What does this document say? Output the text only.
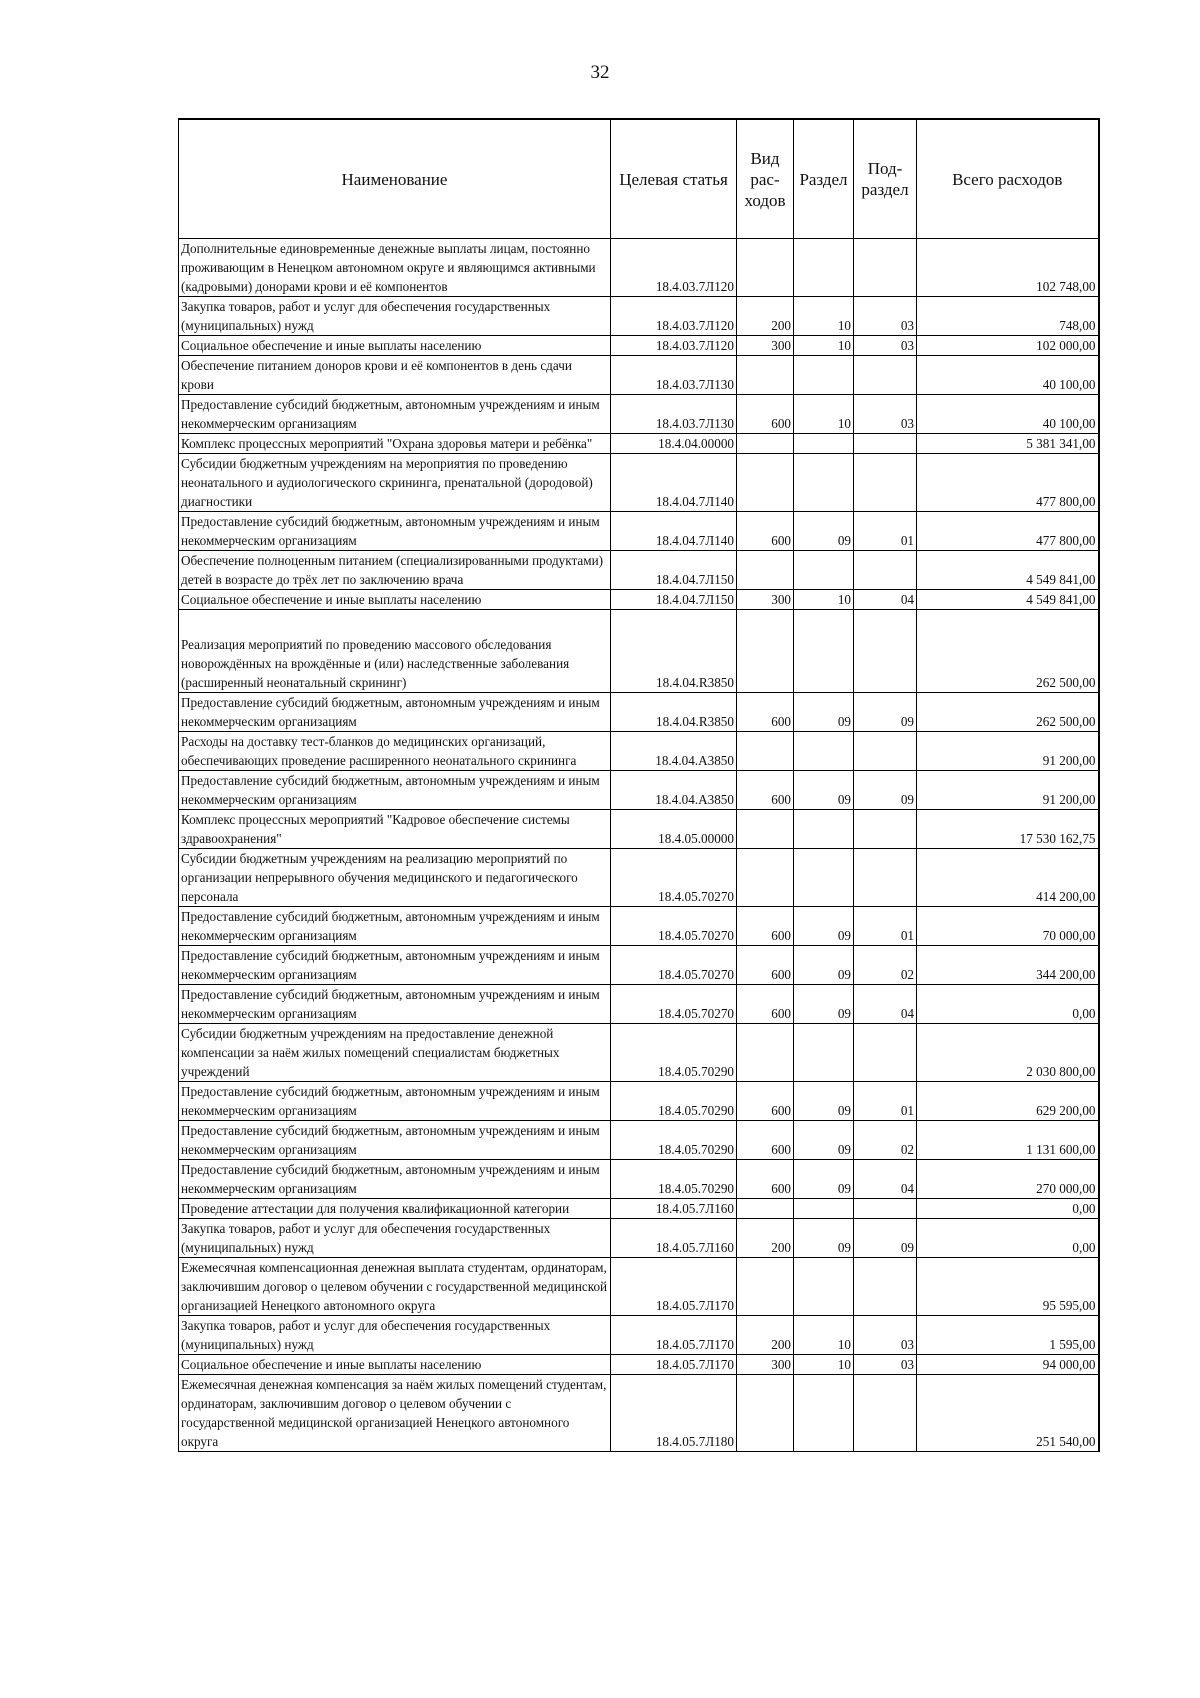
32
Наименование	Целевая статья	Вид рас- ходов	Раздел	Под- раздел	Всего расходов
Дополнительные единовременные денежные выплаты лицам, постоянно проживающим в Ненецком автономном округе и являющимся активными (кадровыми) донорами крови и её компонентов	18.4.03.7Л120				102 748,00
Закупка товаров, работ и услуг для обеспечения государственных (муниципальных) нужд	18.4.03.7Л120	200	10	03	748,00
Социальное обеспечение и иные выплаты населению	18.4.03.7Л120	300	10	03	102 000,00
Обеспечение питанием доноров крови и её компонентов в день сдачи крови	18.4.03.7Л130				40 100,00
Предоставление субсидий бюджетным, автономным учреждениям и иным некоммерческим организациям	18.4.03.7Л130	600	10	03	40 100,00
Комплекс процессных мероприятий "Охрана здоровья матери и ребёнка"	18.4.04.00000				5 381 341,00
Субсидии бюджетным учреждениям на мероприятия по проведению неонатального и аудиологического скрининга, пренатальной (дородовой) диагностики	18.4.04.7Л140				477 800,00
Предоставление субсидий бюджетным, автономным учреждениям и иным некоммерческим организациям	18.4.04.7Л140	600	09	01	477 800,00
Обеспечение полноценным питанием (специализированными продуктами) детей в возрасте до трёх лет по заключению врача	18.4.04.7Л150				4 549 841,00
Социальное обеспечение и иные выплаты населению	18.4.04.7Л150	300	10	04	4 549 841,00
Реализация мероприятий по проведению массового обследования новорождённых на врождённые и (или) наследственные заболевания (расширенный неонатальный скрининг)	18.4.04.R3850				262 500,00
Предоставление субсидий бюджетным, автономным учреждениям и иным некоммерческим организациям	18.4.04.R3850	600	09	09	262 500,00
Расходы на доставку тест-бланков до медицинских организаций, обеспечивающих проведение расширенного неонатального скрининга	18.4.04.А3850				91 200,00
Предоставление субсидий бюджетным, автономным учреждениям и иным некоммерческим организациям	18.4.04.А3850	600	09	09	91 200,00
Комплекс процессных мероприятий "Кадровое обеспечение системы здравоохранения"	18.4.05.00000				17 530 162,75
Субсидии бюджетным учреждениям на реализацию мероприятий по организации непрерывного обучения медицинского и педагогического персонала	18.4.05.70270				414 200,00
Предоставление субсидий бюджетным, автономным учреждениям и иным некоммерческим организациям	18.4.05.70270	600	09	01	70 000,00
Предоставление субсидий бюджетным, автономным учреждениям и иным некоммерческим организациям	18.4.05.70270	600	09	02	344 200,00
Предоставление субсидий бюджетным, автономным учреждениям и иным некоммерческим организациям	18.4.05.70270	600	09	04	0,00
Субсидии бюджетным учреждениям на предоставление денежной компенсации за наём жилых помещений специалистам бюджетных учреждений	18.4.05.70290				2 030 800,00
Предоставление субсидий бюджетным, автономным учреждениям и иным некоммерческим организациям	18.4.05.70290	600	09	01	629 200,00
Предоставление субсидий бюджетным, автономным учреждениям и иным некоммерческим организациям	18.4.05.70290	600	09	02	1 131 600,00
Предоставление субсидий бюджетным, автономным учреждениям и иным некоммерческим организациям	18.4.05.70290	600	09	04	270 000,00
Проведение аттестации для получения квалификационной категории	18.4.05.7Л160				0,00
Закупка товаров, работ и услуг для обеспечения государственных (муниципальных) нужд	18.4.05.7Л160	200	09	09	0,00
Ежемесячная компенсационная денежная выплата студентам, ординаторам, заключившим договор о целевом обучении с государственной медицинской организацией Ненецкого автономного округа	18.4.05.7Л170				95 595,00
Закупка товаров, работ и услуг для обеспечения государственных (муниципальных) нужд	18.4.05.7Л170	200	10	03	1 595,00
Социальное обеспечение и иные выплаты населению	18.4.05.7Л170	300	10	03	94 000,00
Ежемесячная денежная компенсация за наём жилых помещений студентам, ординаторам, заключившим договор о целевом обучении с государственной медицинской организацией Ненецкого автономного округа	18.4.05.7Л180				251 540,00
